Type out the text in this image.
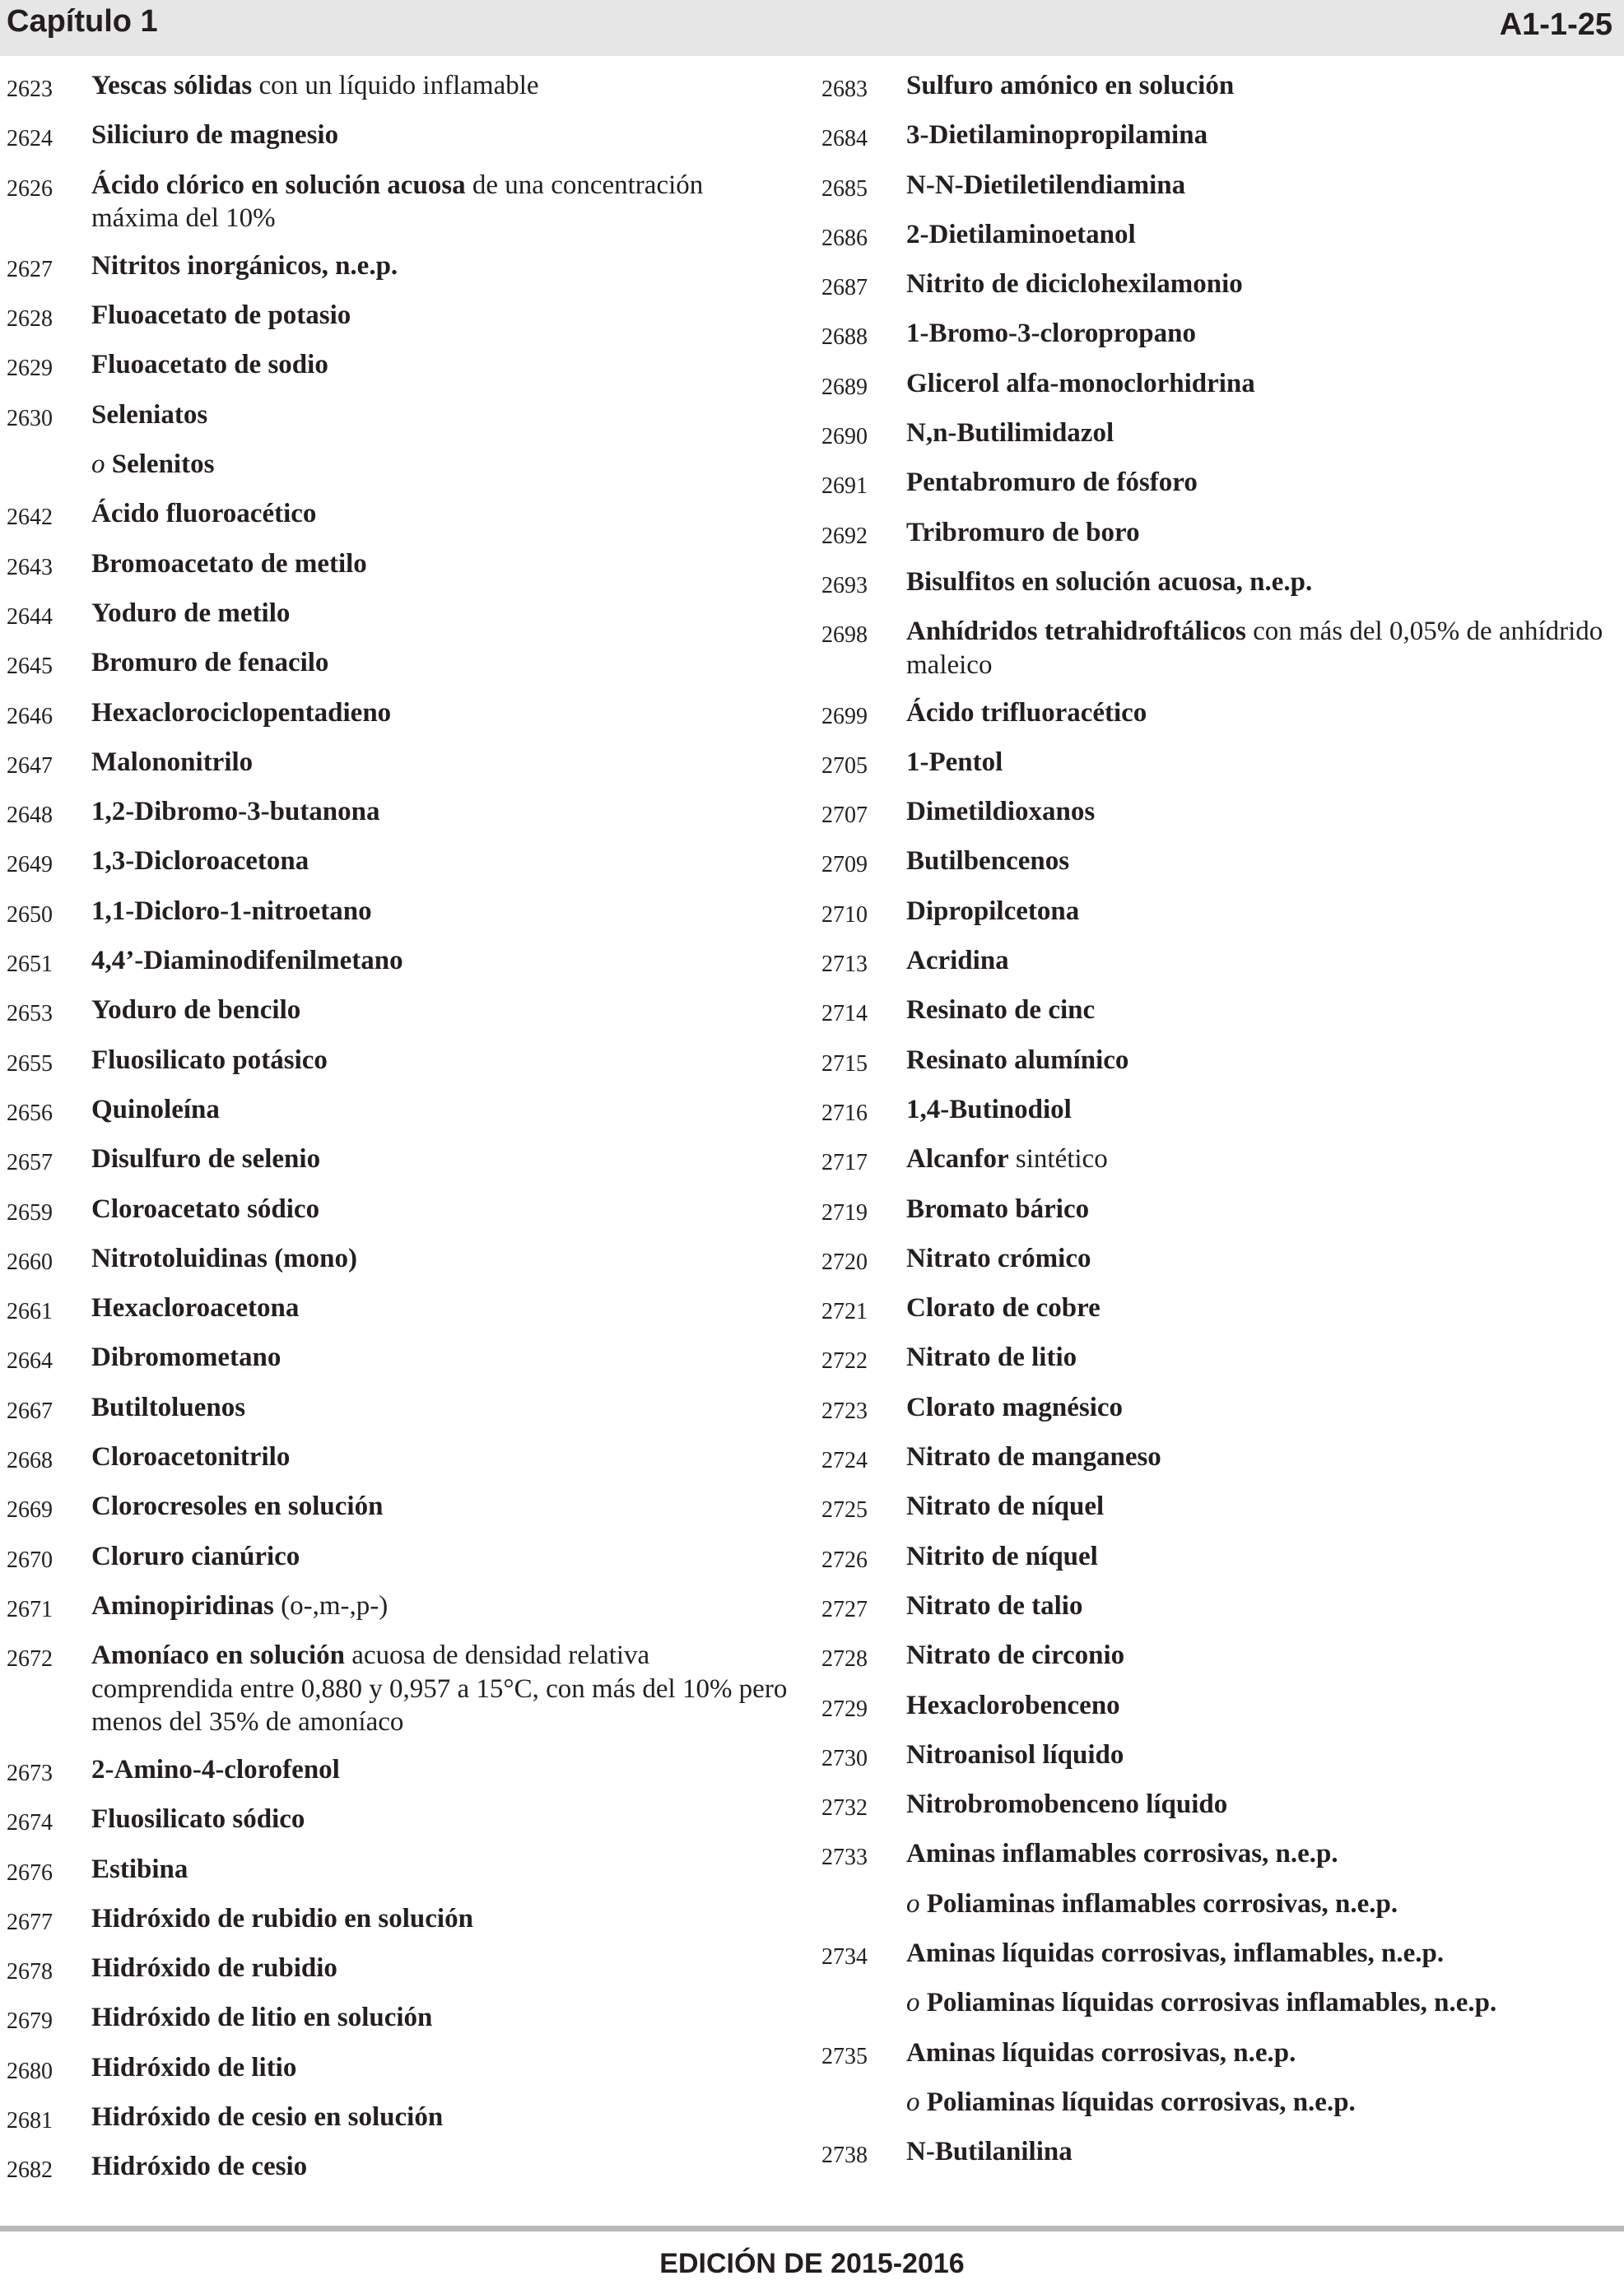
Capítulo 1	A1-1-25
2623 Yescas sólidas con un líquido inflamable
2624 Siliciuro de magnesio
2626 Ácido clórico en solución acuosa de una concentración máxima del 10%
2627 Nitritos inorgánicos, n.e.p.
2628 Fluoacetato de potasio
2629 Fluoacetato de sodio
2630 Seleniatos
o Selenitos
2642 Ácido fluoroacético
2643 Bromoacetato de metilo
2644 Yoduro de metilo
2645 Bromuro de fenacilo
2646 Hexaclorociclopentadieno
2647 Malononitrilo
2648 1,2-Dibromo-3-butanona
2649 1,3-Dicloroacetona
2650 1,1-Dicloro-1-nitroetano
2651 4,4’-Diaminodifenilmetano
2653 Yoduro de bencilo
2655 Fluosilicato potásico
2656 Quinoleína
2657 Disulfuro de selenio
2659 Cloroacetato sódico
2660 Nitrotoluidinas (mono)
2661 Hexacloroacetona
2664 Dibromometano
2667 Butiltoluenos
2668 Cloroacetonitrilo
2669 Clorocresoles en solución
2670 Cloruro cianúrico
2671 Aminopiridinas (o-,m-,p-)
2672 Amoníaco en solución acuosa de densidad relativa comprendida entre 0,880 y 0,957 a 15°C, con más del 10% pero menos del 35% de amoníaco
2673 2-Amino-4-clorofenol
2674 Fluosilicato sódico
2676 Estibina
2677 Hidróxido de rubidio en solución
2678 Hidróxido de rubidio
2679 Hidróxido de litio en solución
2680 Hidróxido de litio
2681 Hidróxido de cesio en solución
2682 Hidróxido de cesio
2683 Sulfuro amónico en solución
2684 3-Dietilaminopropilamina
2685 N-N-Dietiletilendiamina
2686 2-Dietilaminoetanol
2687 Nitrito de diciclohexilamonio
2688 1-Bromo-3-cloropropano
2689 Glicerol alfa-monoclorhidrina
2690 N,n-Butilimidazol
2691 Pentabromuro de fósforo
2692 Tribromuro de boro
2693 Bisulfitos en solución acuosa, n.e.p.
2698 Anhídridos tetrahidroftálicos con más del 0,05% de anhídrido maleico
2699 Ácido trifluoracético
2705 1-Pentol
2707 Dimetildioxanos
2709 Butilbencenos
2710 Dipropilcetona
2713 Acridina
2714 Resinato de cinc
2715 Resinato alumínico
2716 1,4-Butinodiol
2717 Alcanfor sintético
2719 Bromato bárico
2720 Nitrato crómico
2721 Clorato de cobre
2722 Nitrato de litio
2723 Clorato magnésico
2724 Nitrato de manganeso
2725 Nitrato de níquel
2726 Nitrito de níquel
2727 Nitrato de talio
2728 Nitrato de circonio
2729 Hexaclorobenceno
2730 Nitroanisol líquido
2732 Nitrobromobenceno líquido
2733 Aminas inflamables corrosivas, n.e.p.
o Poliaminas inflamables corrosivas, n.e.p.
2734 Aminas líquidas corrosivas, inflamables, n.e.p.
o Poliaminas líquidas corrosivas inflamables, n.e.p.
2735 Aminas líquidas corrosivas, n.e.p.
o Poliaminas líquidas corrosivas, n.e.p.
2738 N-Butilanilina
EDICIÓN DE 2015-2016
